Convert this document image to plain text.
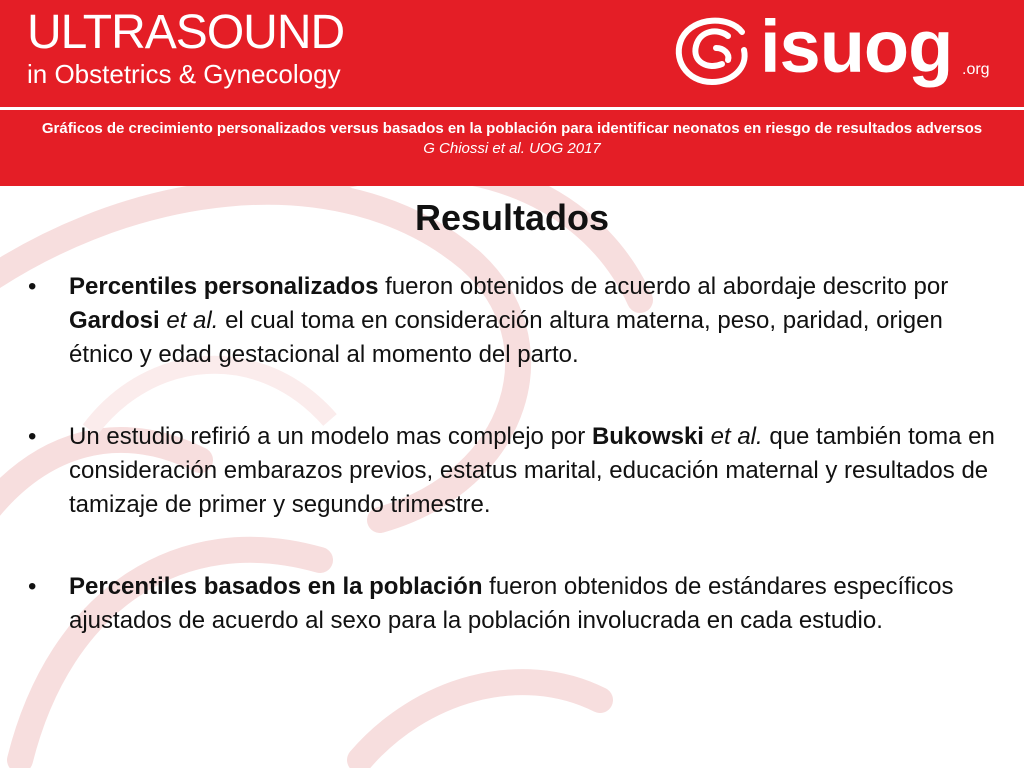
ULTRASOUND
in Obstetrics & Gynecology	isuog .org
Gráficos de crecimiento personalizados versus basados en la población para identificar neonatos en riesgo de resultados adversos
G Chiossi et al. UOG 2017
Resultados
• Percentiles personalizados fueron obtenidos de acuerdo al abordaje descrito por Gardosi et al. el cual toma en consideración altura materna, peso, paridad, origen étnico y edad gestacional al momento del parto.
• Un estudio refirió a un modelo mas complejo por Bukowski et al. que también toma en consideración embarazos previos, estatus marital, educación maternal y resultados de tamizaje de primer y segundo trimestre.
• Percentiles basados en la población fueron obtenidos de estándares específicos ajustados de acuerdo al sexo para la población involucrada en cada estudio.
